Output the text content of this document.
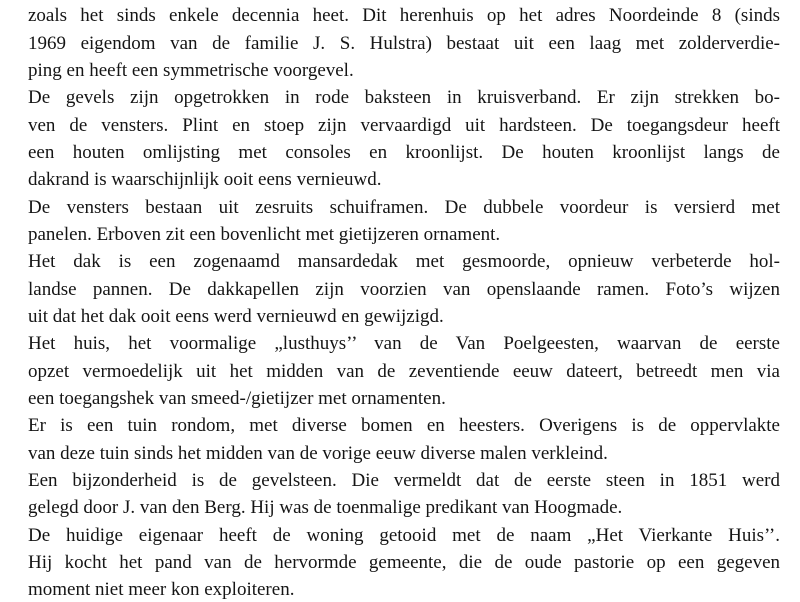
zoals het sinds enkele decennia heet. Dit herenhuis op het adres Noordeinde 8 (sinds
1969 eigendom van de familie J. S. Hulstra) bestaat uit een laag met zolderverdie-
ping en heeft een symmetrische voorgevel.
De gevels zijn opgetrokken in rode baksteen in kruisverband. Er zijn strekken bo-
ven de vensters. Plint en stoep zijn vervaardigd uit hardsteen. De toegangsdeur heeft
een houten omlijsting met consoles en kroonlijst. De houten kroonlijst langs de
dakrand is waarschijnlijk ooit eens vernieuwd.
De vensters bestaan uit zesruits schuiframen. De dubbele voordeur is versierd met
panelen. Erboven zit een bovenlicht met gietijzeren ornament.
Het dak is een zogenaamd mansardedak met gesmoorde, opnieuw verbeterde hol-
landse pannen. De dakkapellen zijn voorzien van openslaande ramen. Foto’s wijzen
uit dat het dak ooit eens werd vernieuwd en gewijzigd.
Het huis, het voormalige „lusthuys’’ van de Van Poelgeesten, waarvan de eerste
opzet vermoedelijk uit het midden van de zeventiende eeuw dateert, betreedt men via
een toegangshek van smeed-/gietijzer met ornamenten.
Er is een tuin rondom, met diverse bomen en heesters. Overigens is de oppervlakte
van deze tuin sinds het midden van de vorige eeuw diverse malen verkleind.
Een bijzonderheid is de gevelsteen. Die vermeldt dat de eerste steen in 1851 werd
gelegd door J. van den Berg. Hij was de toenmalige predikant van Hoogmade.
De huidige eigenaar heeft de woning getooid met de naam „Het Vierkante Huis’’.
Hij kocht het pand van de hervormde gemeente, die de oude pastorie op een gegeven
moment niet meer kon exploiteren.
